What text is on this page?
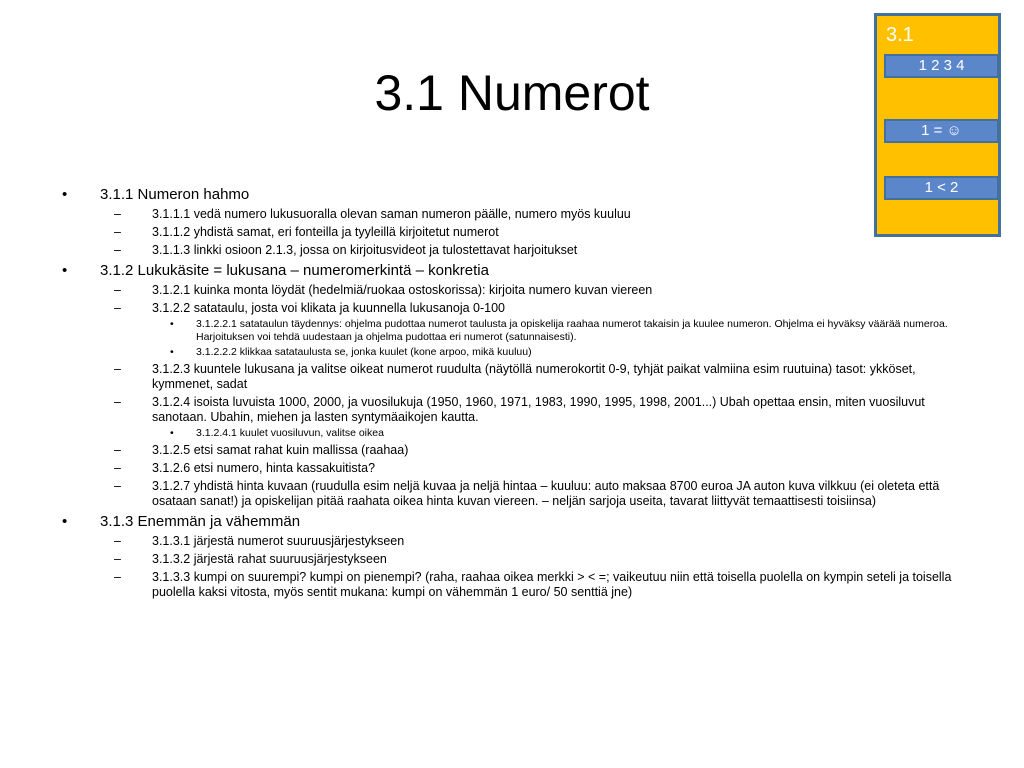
3.1 Numerot
3.1
1 2 3 4
1 = ☺
1 < 2
• 3.1.1 Numeron hahmo
– 3.1.1.1 vedä numero lukusuoralla olevan saman numeron päälle, numero myös kuuluu
– 3.1.1.2 yhdistä samat, eri fonteilla ja tyyleillä kirjoitetut numerot
– 3.1.1.3 linkki osioon 2.1.3, jossa on kirjoitusvideot ja tulostettavat harjoitukset
• 3.1.2 Lukukäsite = lukusana – numeromerkintä – konkretia
– 3.1.2.1 kuinka monta löydät (hedelmiä/ruokaa ostoskorissa): kirjoita numero kuvan viereen
– 3.1.2.2 satataulu, josta voi klikata ja kuunnella lukusanoja 0-100
• 3.1.2.2.1 satataulun täydennys: ohjelma pudottaa numerot taulusta ja opiskelija raahaa numerot takaisin ja kuulee numeron. Ohjelma ei hyväksy väärää numeroa. Harjoituksen voi tehdä uudestaan ja ohjelma pudottaa eri numerot (satunnaisesti).
• 3.1.2.2.2 klikkaa satataulusta se, jonka kuulet (kone arpoo, mikä kuuluu)
– 3.1.2.3 kuuntele lukusana ja valitse oikeat numerot ruudulta (näytöllä numerokortit 0-9, tyhjät paikat valmiina esim ruutuina) tasot: ykköset, kymmenet, sadat
– 3.1.2.4 isoista luvuista 1000, 2000, ja vuosilukuja (1950, 1960, 1971, 1983, 1990, 1995, 1998, 2001...) Ubah opettaa ensin, miten vuosiluvut sanotaan. Ubahin, miehen ja lasten syntymäaikojen kautta.
• 3.1.2.4.1 kuulet vuosiluvun, valitse oikea
– 3.1.2.5 etsi samat rahat kuin mallissa (raahaa)
– 3.1.2.6 etsi numero, hinta kassakuitista?
– 3.1.2.7 yhdistä hinta kuvaan (ruudulla esim neljä kuvaa ja neljä hintaa – kuuluu: auto maksaa 8700 euroa JA auton kuva vilkkuu (ei oleteta että osataan sanat!) ja opiskelijan pitää raahata oikea hinta kuvan viereen. – neljän sarjoja useita, tavarat liittyvät temaattisesti toisiinsa)
• 3.1.3 Enemmän ja vähemmän
– 3.1.3.1 järjestä numerot suuruusjärjestykseen
– 3.1.3.2 järjestä rahat suuruusjärjestykseen
– 3.1.3.3 kumpi on suurempi? kumpi on pienempi? (raha, raahaa oikea merkki > < =; vaikeutuu niin että toisella puolella on kympin seteli ja toisella puolella kaksi vitosta, myös sentit mukana: kumpi on vähemmän 1 euro/ 50 senttiä jne)
